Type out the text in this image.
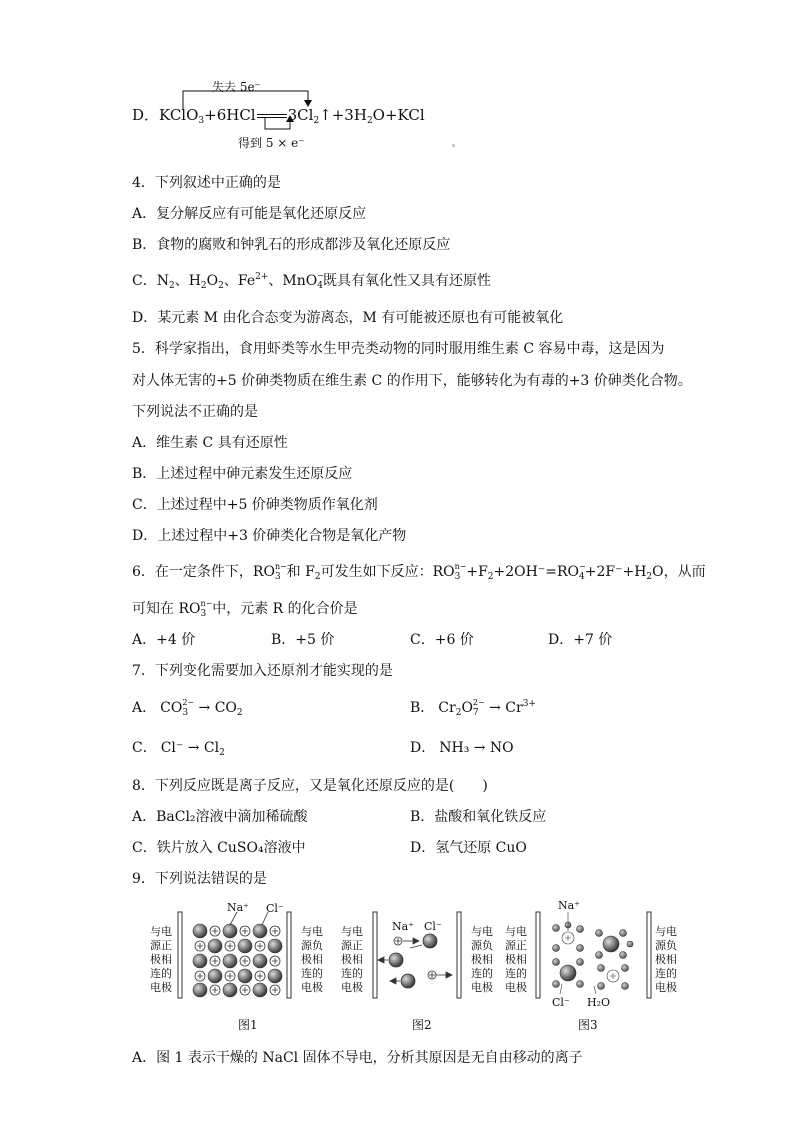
失去 5e⁻
D．KClO$_3$+6HCl $3Cl_2↑+3H_2O+KCl$
得到 5 × e⁻	。
4．下列叙述中正确的是
A．复分解反应有可能是氧化还原反应
B．食物的腐败和钟乳石的形成都涉及氧化还原反应
C．$N_2$、$H_2O_2$、$Fe^{2+}$、MnO $_{- 4}$既具有氧化性又具有还原性
D．某元素 M 由化合态变为游离态，M 有可能被还原也有可能被氧化
5．科学家指出，食用虾类等水生甲壳类动物的同时服用维生素 C 容易中毒，这是因为
对人体无害的+5 价砷类物质在维生素 C 的作用下，能够转化为有毒的+3 价砷类化合物。
下列说法不正确的是
A．维生素 C 具有还原性
B．上述过程中砷元素发生还原反应
C．上述过程中+5 价砷类物质作氧化剂
D．上述过程中+3 价砷类化合物是氧化产物
6．在一定条件下，RO $_{n- 3}$ 和 $F_2$可发生如下反应：RO $_{n- 3} +F_2+2OH^-=RO$ $_{- 4}+2F^-+H_2O$，从而
可知在 RO $_{n- 3}$ 中，元素 R 的化合价是
A．+4 价	B．+5 价	C．+6 价	D．+7 价
7．下列变化需要加入还原剂才能实现的是
A． CO $_{2- 3} \to CO_2$	B． $Cr_2O$ $_{2- 7} \to Cr^{3+}$
C． $Cl^- \to Cl_2$	D． NH₃ → NO
8．下列反应既是离子反应，又是氧化还原反应的是(　　)
A．BaCl₂溶液中滴加稀硫酸	B．盐酸和氧化铁反应
C．铁片放入 CuSO₄溶液中	D．氢气还原 CuO
9．下列说法错误的是
与电
源正
极相
连的
电极
与电
源负
极相
连的
电极
与电
源正
极相
连的
电极
与电
源负
极相
连的
电极
与电
源正
极相
连的
电极
与电
源负
极相
连的
电极
Na⁺ Cl⁻
Na⁺ Cl⁻
Na⁺
Cl⁻ H₂O
图1	图2	图3
A．图 1 表示干燥的 NaCl 固体不导电，分析其原因是无自由移动的离子
